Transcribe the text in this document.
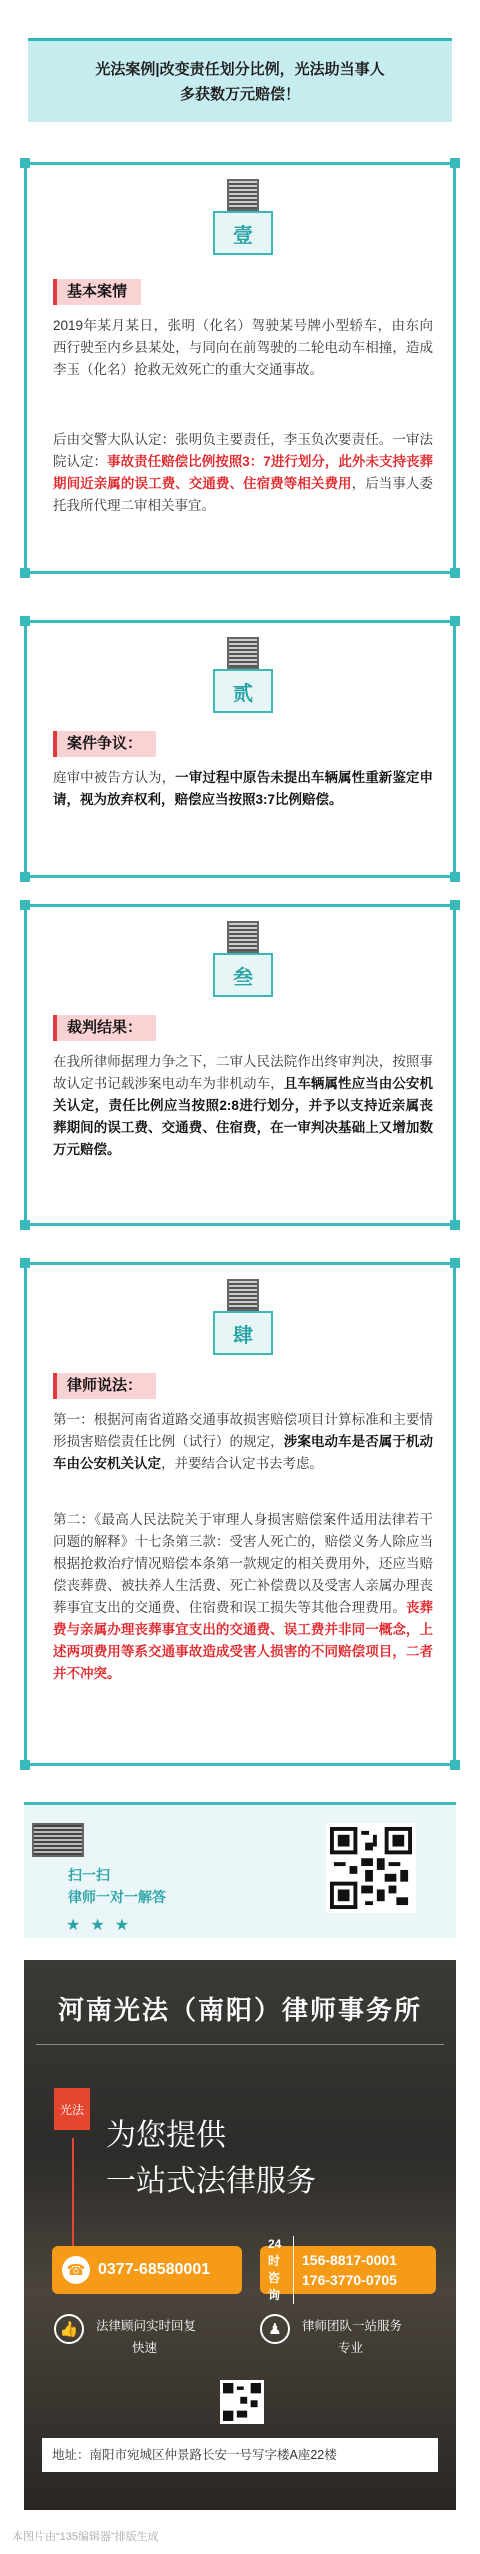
光法案例|改变责任划分比例，光法助当事人

多获数万元赔偿！

壹
基本案情
2019年某月某日，张明（化名）驾驶某号牌小型轿车，由东向西行驶至内乡县某处，与同向在前驾驶的二轮电动车相撞，造成李玉（化名）抢救无效死亡的重大交通事故。
后由交警大队认定：张明负主要责任，李玉负次要责任。一审法院认定：事故责任赔偿比例按照3：7进行划分，此外未支持丧葬期间近亲属的误工费、交通费、住宿费等相关费用，后当事人委托我所代理二审相关事宜。
贰
案件争议：
庭审中被告方认为，一审过程中原告未提出车辆属性重新鉴定申请，视为放弃权利，赔偿应当按照3:7比例赔偿。
叁
裁判结果：
在我所律师据理力争之下，二审人民法院作出终审判决，按照事故认定书记载涉案电动车为非机动车，且车辆属性应当由公安机关认定，责任比例应当按照2:8进行划分，并予以支持近亲属丧葬期间的误工费、交通费、住宿费，在一审判决基础上又增加数万元赔偿。
肆
律师说法：
第一：根据河南省道路交通事故损害赔偿项目计算标准和主要情形损害赔偿责任比例（试行）的规定，涉案电动车是否属于机动车由公安机关认定，并要结合认定书去考虑。
第二：《最高人民法院关于审理人身损害赔偿案件适用法律若干问题的解释》十七条第三款：受害人死亡的，赔偿义务人除应当根据抢救治疗情况赔偿本条第一款规定的相关费用外，还应当赔偿丧葬费、被扶养人生活费、死亡补偿费以及受害人亲属办理丧葬事宜支出的交通费、住宿费和误工损失等其他合理费用。丧葬费与亲属办理丧葬事宜支出的交通费、误工费并非同一概念，上述两项费用等系交通事故造成受害人损害的不同赔偿项目，二者并不冲突。
扫一扫
律师一对一解答
★★★
河南光法（南阳）律师事务所
光法
为您提供
一站式法律服务
☎ 0377-68580001
24时咨询
156-8817-0001
176-3770-0705
👍	法律顾问实时回复
快速
♟	律师团队一站服务
专业
地址：南阳市宛城区仲景路长安一号写字楼A座22楼
本图片由“135编辑器”排版生成
